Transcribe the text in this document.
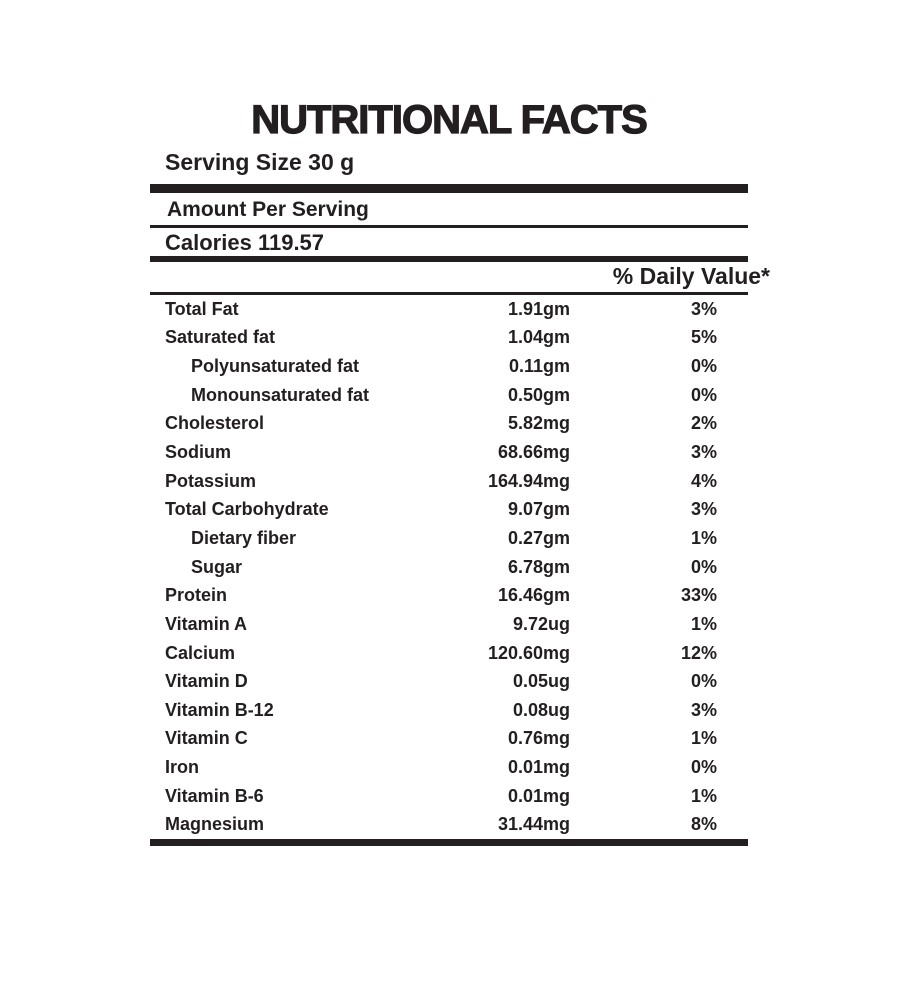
NUTRITIONAL FACTS
Serving Size 30 g
Amount Per Serving
Calories 119.57
% Daily Value*
Total Fat	1.91gm	3%
Saturated fat	1.04gm	5%
Polyunsaturated fat	0.11gm	0%
Monounsaturated fat	0.50gm	0%
Cholesterol	5.82mg	2%
Sodium	68.66mg	3%
Potassium	164.94mg	4%
Total Carbohydrate	9.07gm	3%
Dietary fiber	0.27gm	1%
Sugar	6.78gm	0%
Protein	16.46gm	33%
Vitamin A	9.72ug	1%
Calcium	120.60mg	12%
Vitamin D	0.05ug	0%
Vitamin B-12	0.08ug	3%
Vitamin C	0.76mg	1%
Iron	0.01mg	0%
Vitamin B-6	0.01mg	1%
Magnesium	31.44mg	8%
